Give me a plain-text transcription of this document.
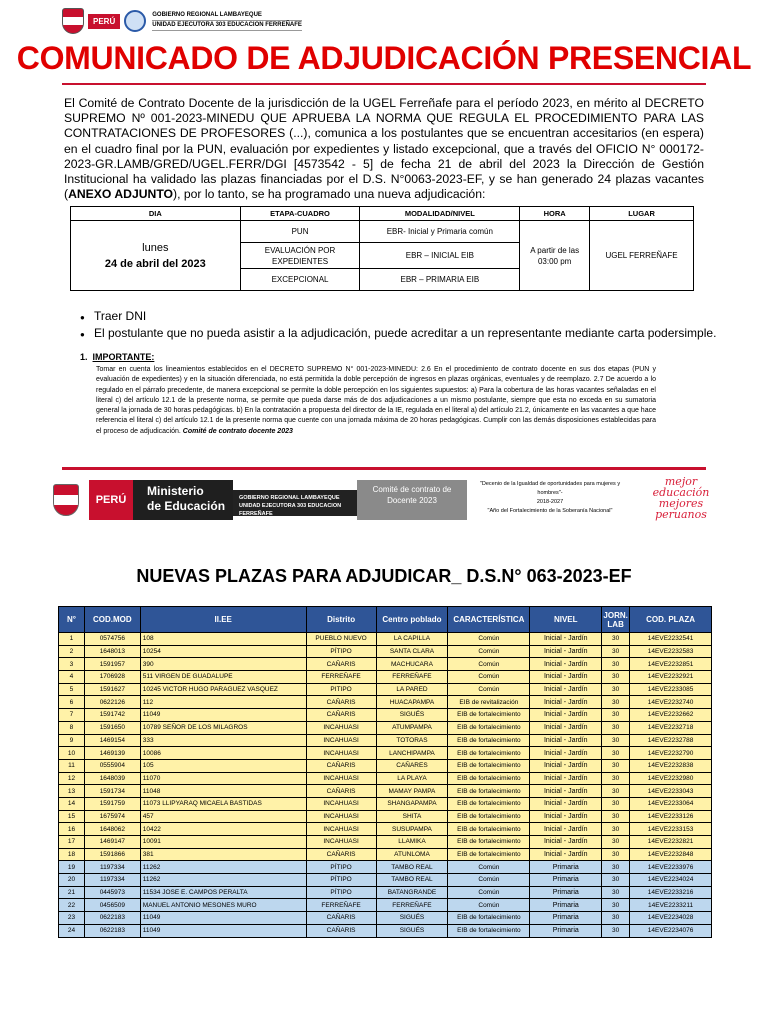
PERÚ
GOBIERNO REGIONAL LAMBAYEQUE
UNIDAD EJECUTORA 303 EDUCACION FERREÑAFE
COMUNICADO DE ADJUDICACIÓN PRESENCIAL

El Comité de Contrato Docente de la jurisdicción de la UGEL Ferreñafe para el período 2023, en mérito al DECRETO SUPREMO Nº 001-2023-MINEDU QUE APRUEBA LA NORMA QUE REGULA EL PROCEDIMIENTO PARA LAS CONTRATACIONES DE PROFESORES (...), comunica a los postulantes que se encuentran accesitarios (en espera) en el cuadro final por la PUN, evaluación por expedientes y listado excepcional, que a través del OFICIO N° 000172-2023-GR.LAMB/GRED/UGEL.FERR/DGI [4573542 - 5] de fecha 21 de abril del 2023 la Dirección de Gestión Institucional ha validado las plazas financiadas por el D.S. N°0063-2023-EF, y se han generado 24 plazas vacantes (ANEXO ADJUNTO), por lo tanto, se ha programado una nueva adjudicación:

DIA	ETAPA-CUADRO	MODALIDAD/NIVEL	HORA	LUGAR

lunes
24 de abril del 2023	PUN	EBR- Inicial y Primaria común	A partir de las 03:00 pm	UGEL FERREÑAFE
	EVALUACIÓN POR EXPEDIENTES	EBR – INICIAL EIB		
	EXCEPCIONAL	EBR – PRIMARIA EIB		
● Traer DNI
● El postulante que no pueda asistir a la adjudicación, puede acreditar a un representante mediante carta podersimple.
1. IMPORTANTE:
Tomar en cuenta los lineamientos establecidos en el DECRETO SUPREMO N° 001-2023-MINEDU: 2.6 En el procedimiento de contrato docente en sus dos etapas (PUN y evaluación de expedientes) y en la situación diferenciada, no está permitida la doble percepción de ingresos en plazas orgánicas, eventuales y de reemplazo. 2.7 De acuerdo a lo regulado en el párrafo precedente, de manera excepcional se permite la doble percepción en los siguientes supuestos: a) Para la cobertura de las horas vacantes señaladas en el literal c) del artículo 12.1 de la presente norma, se permite que pueda darse más de dos adjudicaciones a un mismo postulante, siempre que esta no exceda en su sumatoria general la jornada de 30 horas pedagógicas. b) En la contratación a propuesta del director de la IE, regulada en el literal a) del artículo 21.2, únicamente en las vacantes a que hace referencia el literal c) del artículo 12.1 de la presente norma que cuente con una jornada máxima de 20 horas pedagógicas. Cumplir con las demás disposiciones establecidas para el proceso de adjudicación. Comité de contrato docente 2023
PERÚ
Ministerio
de Educación
GOBIERNO REGIONAL LAMBAYEQUE
UNIDAD EJECUTORA 303 EDUCACION FERREÑAFE
Comité de contrato de Docente 2023
"Decenio de la Igualdad de oportunidades para mujeres y hombres"-
2018-2027
"Año del Fortalecimiento de la Soberanía Nacional"
mejor educación mejores peruanos
NUEVAS PLAZAS PARA ADJUDICAR_ D.S.N° 063-2023-EF
N°	COD.MOD	II.EE	Distrito	Centro poblado	CARACTERÍSTICA	NIVEL	JORN. LAB	COD. PLAZA
1	0574756	108	PUEBLO NUEVO	LA CAPILLA	Común	Inicial - Jardín	30	14EVE2232541
2	1648013	10254	PÍTIPO	SANTA CLARA	Común	Inicial - Jardín	30	14EVE2232583
3	1591957	390	CAÑARIS	MACHUCARA	Común	Inicial - Jardín	30	14EVE2232851
4	1706928	511 VIRGEN DE GUADALUPE	FERREÑAFE	FERREÑAFE	Común	Inicial - Jardín	30	14EVE2232921
5	1591627	10245 VICTOR HUGO PARAGUEZ VASQUEZ	PITIPO	LA PARED	Común	Inicial - Jardín	30	14EVE2233085
6	0622126	112	CAÑARIS	HUACAPAMPA	EIB de revitalización	Inicial - Jardín	30	14EVE2232740
7	1591742	11049	CAÑARIS	SIGUÉS	EIB de fortalecimiento	Inicial - Jardín	30	14EVE2232662
8	1591650	10789 SEÑOR DE LOS MILAGROS	INCAHUASI	ATUMPAMPA	EIB de fortalecimiento	Inicial - Jardín	30	14EVE2232718
9	1469154	333	INCAHUASI	TOTORAS	EIB de fortalecimiento	Inicial - Jardín	30	14EVE2232788
10	1469139	10086	INCAHUASI	LANCHIPAMPA	EIB de fortalecimiento	Inicial - Jardín	30	14EVE2232790
11	0555904	105	CAÑARIS	CAÑARES	EIB de fortalecimiento	Inicial - Jardín	30	14EVE2232838
12	1648039	11070	INCAHUASI	LA PLAYA	EIB de fortalecimiento	Inicial - Jardín	30	14EVE2232980
13	1591734	11048	CAÑARIS	MAMAY PAMPA	EIB de fortalecimiento	Inicial - Jardín	30	14EVE2233043
14	1591759	11073 LLIPYARAQ MICAELA BASTIDAS	INCAHUASI	SHANGAPAMPA	EIB de fortalecimiento	Inicial - Jardín	30	14EVE2233064
15	1675974	457	INCAHUASI	SHITA	EIB de fortalecimiento	Inicial - Jardín	30	14EVE2233126
16	1648062	10422	INCAHUASI	SUSUPAMPA	EIB de fortalecimiento	Inicial - Jardín	30	14EVE2233153
17	1469147	10091	INCAHUASI	LLAMIKA	EIB de fortalecimiento	Inicial - Jardín	30	14EVE2232821
18	1591866	381	CAÑARIS	ATUNLOMA	EIB de fortalecimiento	Inicial - Jardín	30	14EVE2232848
19	1197334	11262	PÍTIPO	TAMBO REAL	Común	Primaria	30	14EVE2233976
20	1197334	11262	PÍTIPO	TAMBO REAL	Común	Primaria	30	14EVE2234024
21	0445973	11534 JOSE E. CAMPOS PERALTA	PÍTIPO	BATANGRANDE	Común	Primaria	30	14EVE2233216
22	0456509	MANUEL ANTONIO MESONES MURO	FERREÑAFE	FERREÑAFE	Común	Primaria	30	14EVE2233211
23	0622183	11049	CAÑARIS	SIGUÉS	EIB de fortalecimiento	Primaria	30	14EVE2234028
24	0622183	11049	CAÑARIS	SIGUÉS	EIB de fortalecimiento	Primaria	30	14EVE2234076
